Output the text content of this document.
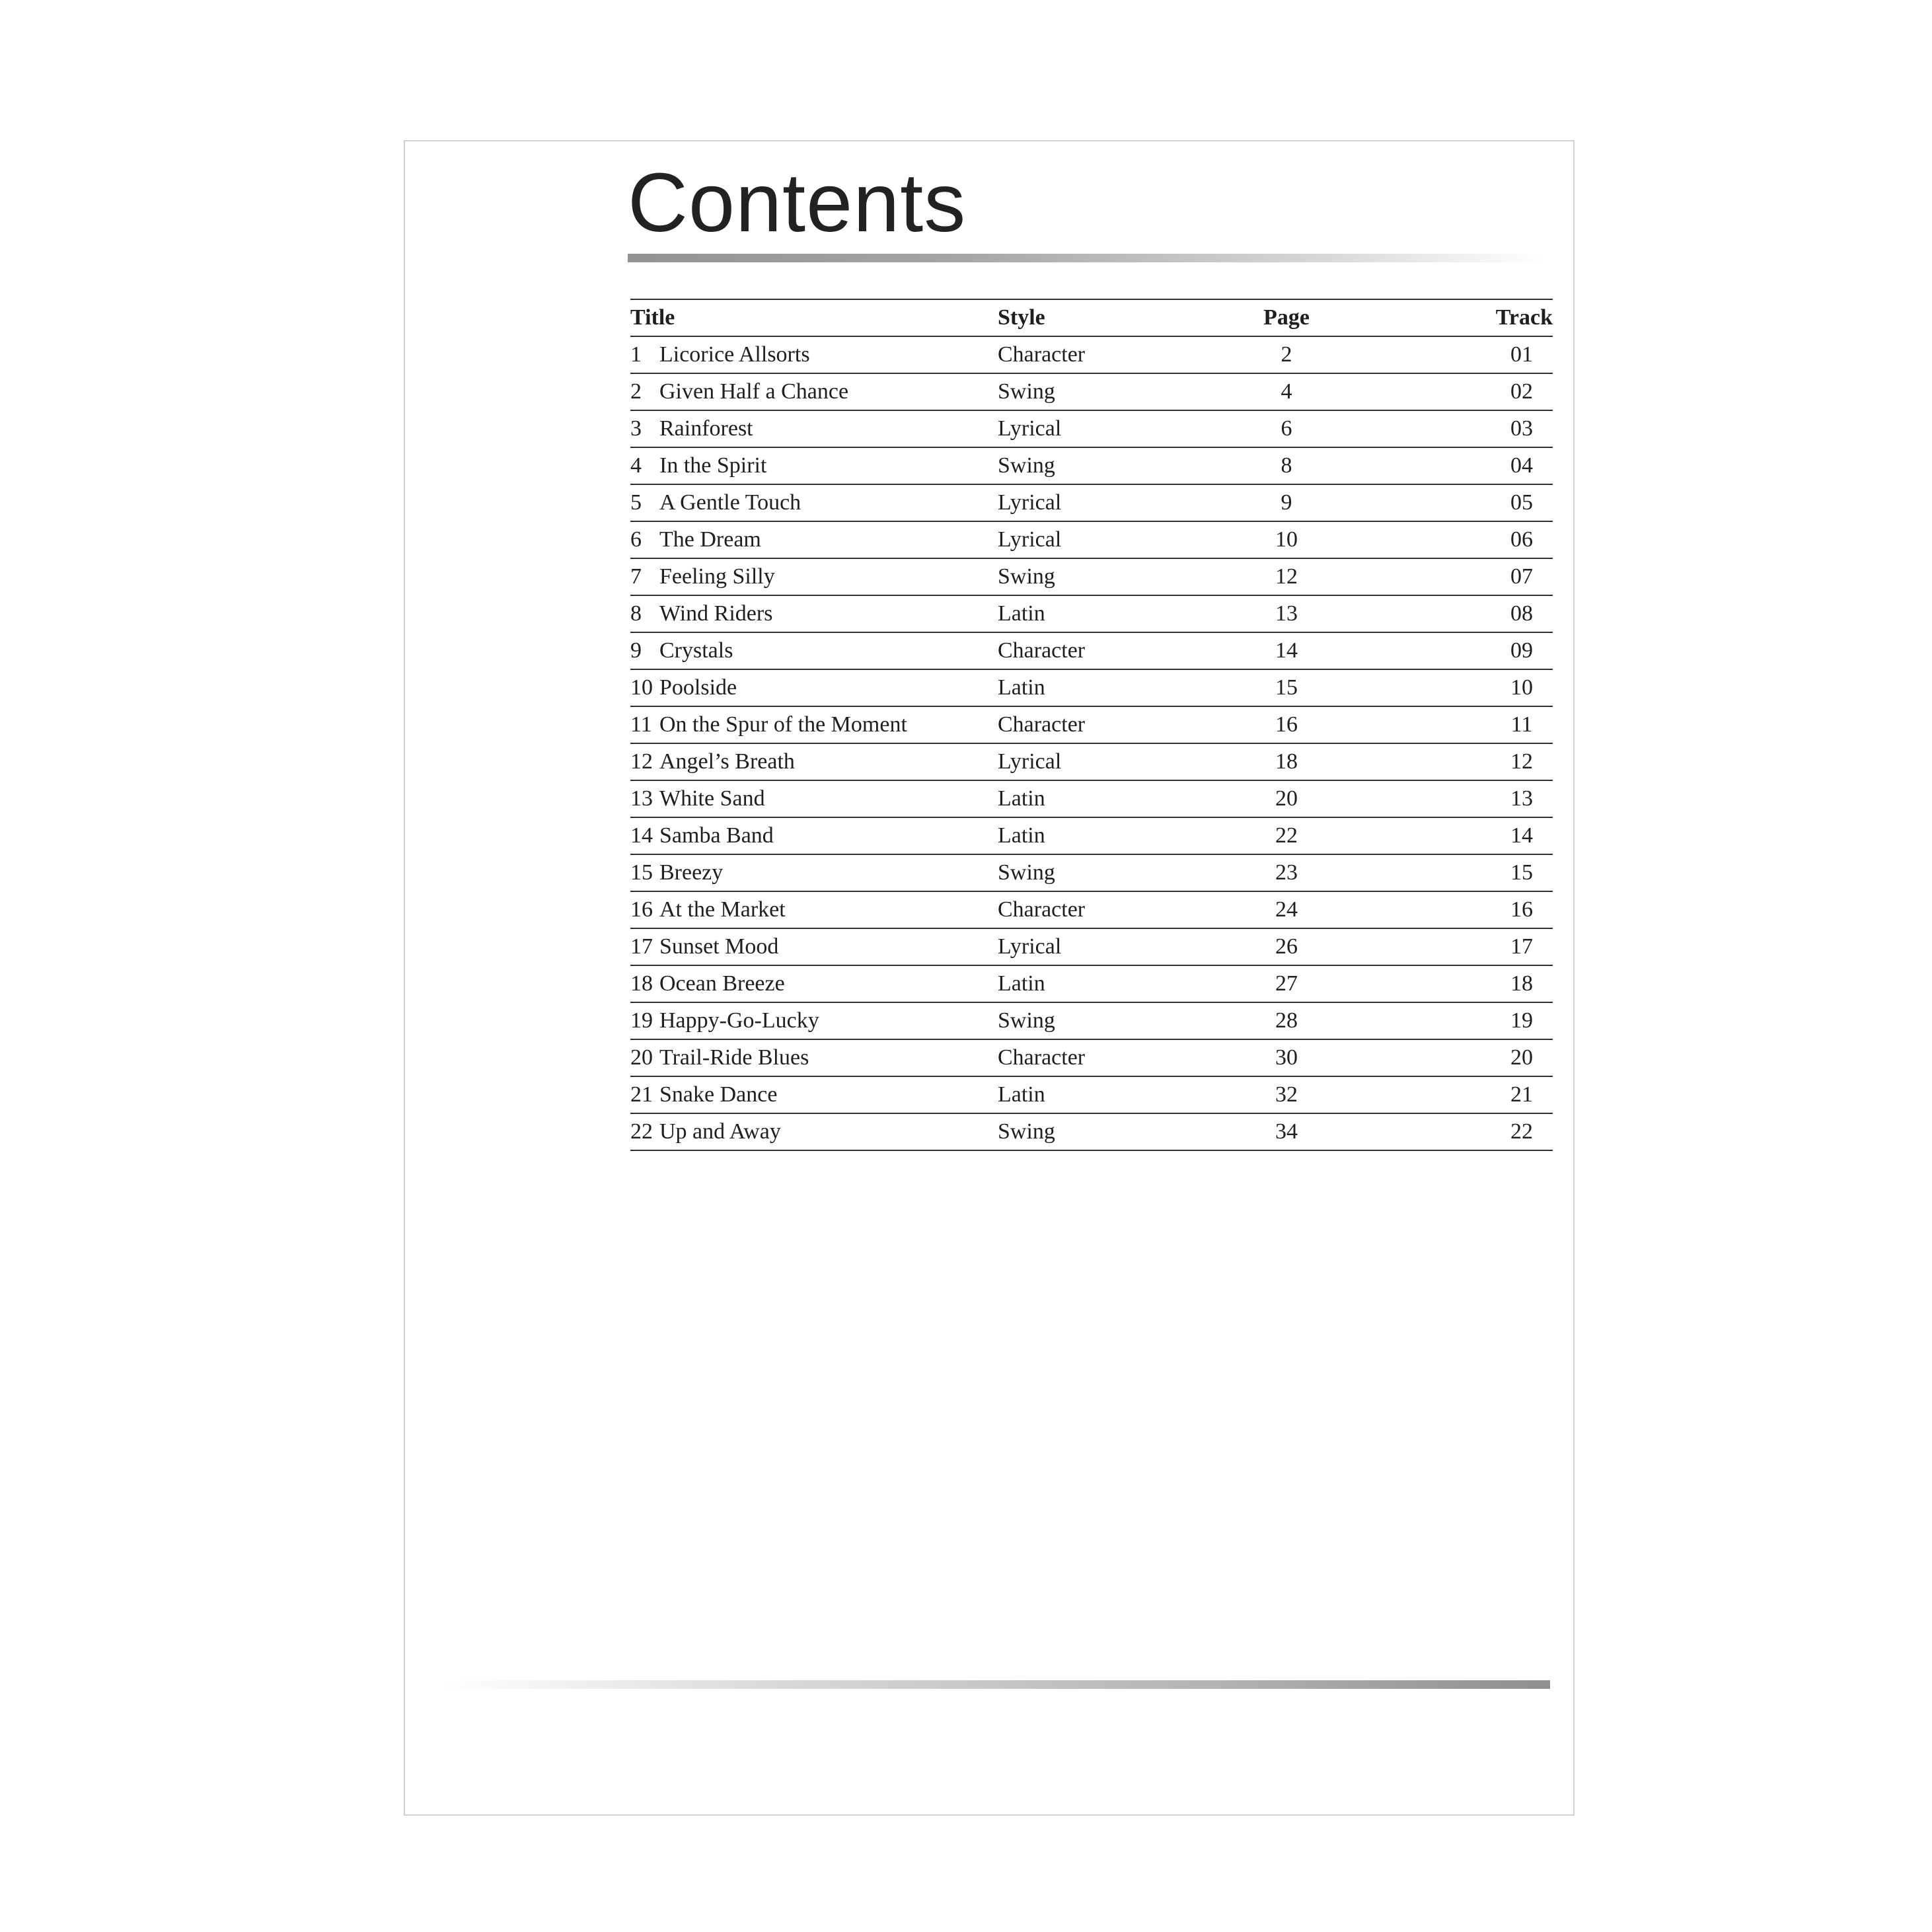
Contents
Title	Style	Page		Track
1 Licorice Allsorts	Character	2		01
2 Given Half a Chance	Swing	4		02
3 Rainforest	Lyrical	6		03
4 In the Spirit	Swing	8		04
5 A Gentle Touch	Lyrical	9		05
6 The Dream	Lyrical	10		06
7 Feeling Silly	Swing	12		07
8 Wind Riders	Latin	13		08
9 Crystals	Character	14		09
10 Poolside	Latin	15		10
11 On the Spur of the Moment	Character	16		11
12 Angel’s Breath	Lyrical	18		12
13 White Sand	Latin	20		13
14 Samba Band	Latin	22		14
15 Breezy	Swing	23		15
16 At the Market	Character	24		16
17 Sunset Mood	Lyrical	26		17
18 Ocean Breeze	Latin	27		18
19 Happy-Go-Lucky	Swing	28		19
20 Trail-Ride Blues	Character	30		20
21 Snake Dance	Latin	32		21
22 Up and Away	Swing	34		22
